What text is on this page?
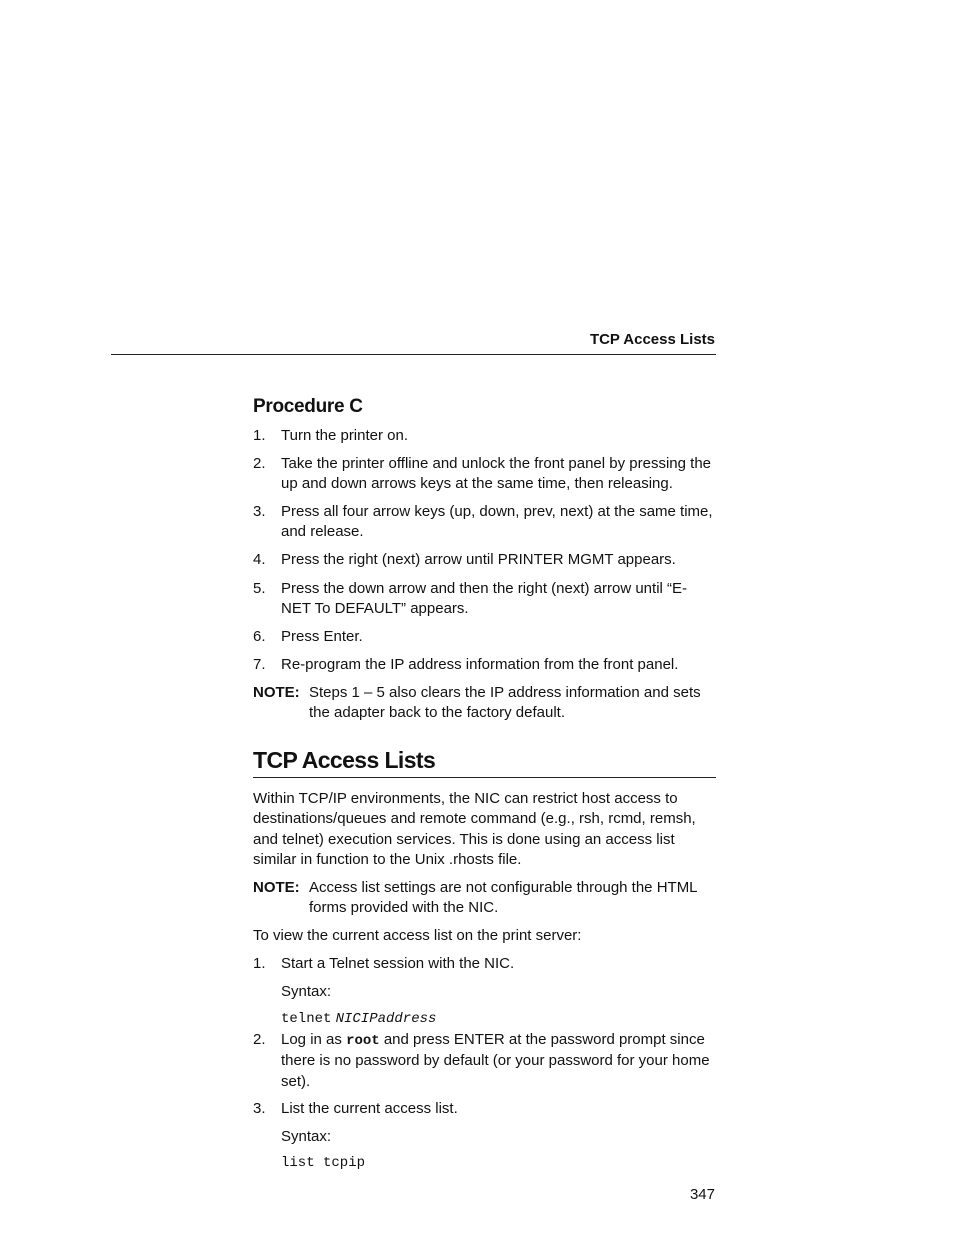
TCP Access Lists
Procedure C
1. Turn the printer on.
2. Take the printer offline and unlock the front panel by pressing the up and down arrows keys at the same time, then releasing.
3. Press all four arrow keys (up, down, prev, next) at the same time, and release.
4. Press the right (next) arrow until PRINTER MGMT appears.
5. Press the down arrow and then the right (next) arrow until “E-NET To DEFAULT” appears.
6. Press Enter.
7. Re-program the IP address information from the front panel.
NOTE: Steps 1 – 5 also clears the IP address information and sets the adapter back to the factory default.
TCP Access Lists
Within TCP/IP environments, the NIC can restrict host access to destinations/queues and remote command (e.g., rsh, rcmd, remsh, and telnet) execution services. This is done using an access list similar in function to the Unix .rhosts file.
NOTE: Access list settings are not configurable through the HTML forms provided with the NIC.
To view the current access list on the print server:
1. Start a Telnet session with the NIC.
Syntax:
telnet NICIPaddress
2. Log in as root and press ENTER at the password prompt since there is no password by default (or your password for your home set).
3. List the current access list.
Syntax:
list tcpip
347
